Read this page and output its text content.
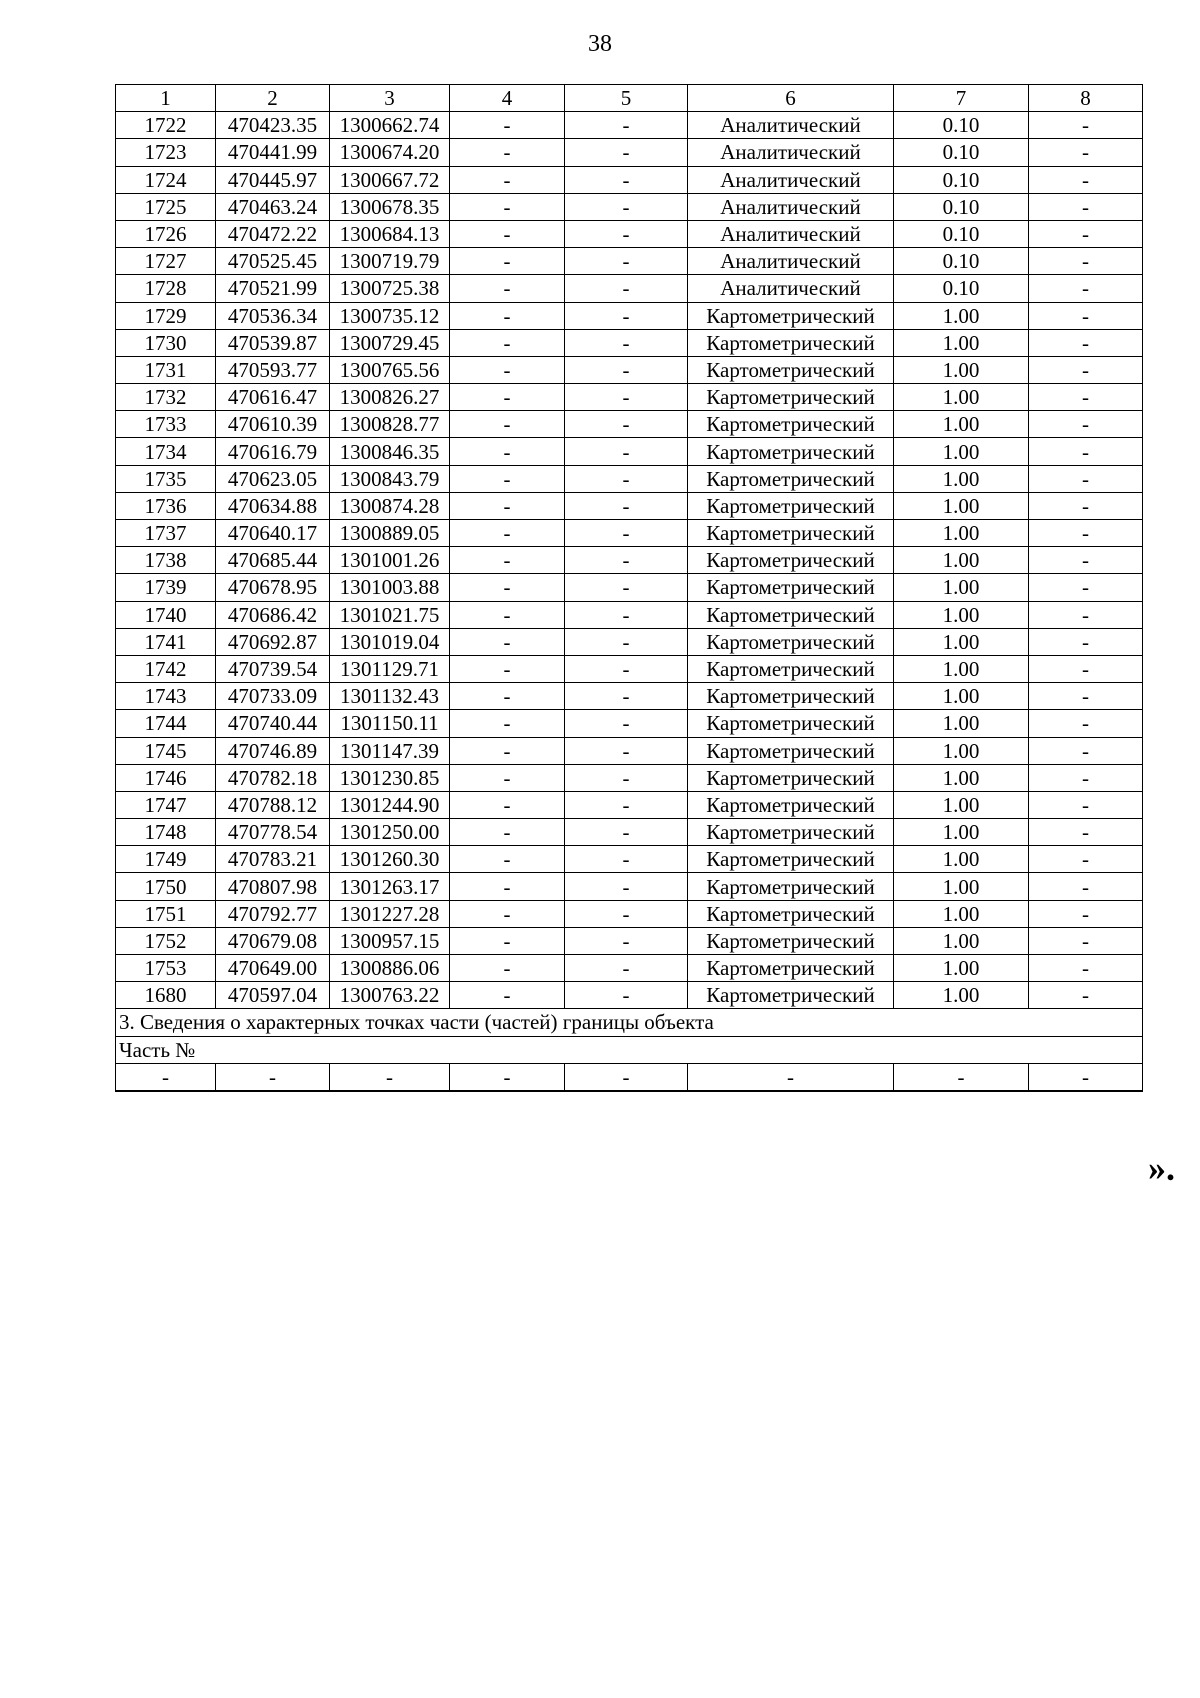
38
1	2	3	4	5	6	7	8
1722	470423.35	1300662.74	-	-	Аналитический	0.10	-
1723	470441.99	1300674.20	-	-	Аналитический	0.10	-
1724	470445.97	1300667.72	-	-	Аналитический	0.10	-
1725	470463.24	1300678.35	-	-	Аналитический	0.10	-
1726	470472.22	1300684.13	-	-	Аналитический	0.10	-
1727	470525.45	1300719.79	-	-	Аналитический	0.10	-
1728	470521.99	1300725.38	-	-	Аналитический	0.10	-
1729	470536.34	1300735.12	-	-	Картометрический	1.00	-
1730	470539.87	1300729.45	-	-	Картометрический	1.00	-
1731	470593.77	1300765.56	-	-	Картометрический	1.00	-
1732	470616.47	1300826.27	-	-	Картометрический	1.00	-
1733	470610.39	1300828.77	-	-	Картометрический	1.00	-
1734	470616.79	1300846.35	-	-	Картометрический	1.00	-
1735	470623.05	1300843.79	-	-	Картометрический	1.00	-
1736	470634.88	1300874.28	-	-	Картометрический	1.00	-
1737	470640.17	1300889.05	-	-	Картометрический	1.00	-
1738	470685.44	1301001.26	-	-	Картометрический	1.00	-
1739	470678.95	1301003.88	-	-	Картометрический	1.00	-
1740	470686.42	1301021.75	-	-	Картометрический	1.00	-
1741	470692.87	1301019.04	-	-	Картометрический	1.00	-
1742	470739.54	1301129.71	-	-	Картометрический	1.00	-
1743	470733.09	1301132.43	-	-	Картометрический	1.00	-
1744	470740.44	1301150.11	-	-	Картометрический	1.00	-
1745	470746.89	1301147.39	-	-	Картометрический	1.00	-
1746	470782.18	1301230.85	-	-	Картометрический	1.00	-
1747	470788.12	1301244.90	-	-	Картометрический	1.00	-
1748	470778.54	1301250.00	-	-	Картометрический	1.00	-
1749	470783.21	1301260.30	-	-	Картометрический	1.00	-
1750	470807.98	1301263.17	-	-	Картометрический	1.00	-
1751	470792.77	1301227.28	-	-	Картометрический	1.00	-
1752	470679.08	1300957.15	-	-	Картометрический	1.00	-
1753	470649.00	1300886.06	-	-	Картометрический	1.00	-
1680	470597.04	1300763.22	-	-	Картометрический	1.00	-
3. Сведения о характерных точках части (частей) границы объекта							
Часть №							
-	-	-	-	-	-	-	-
».
